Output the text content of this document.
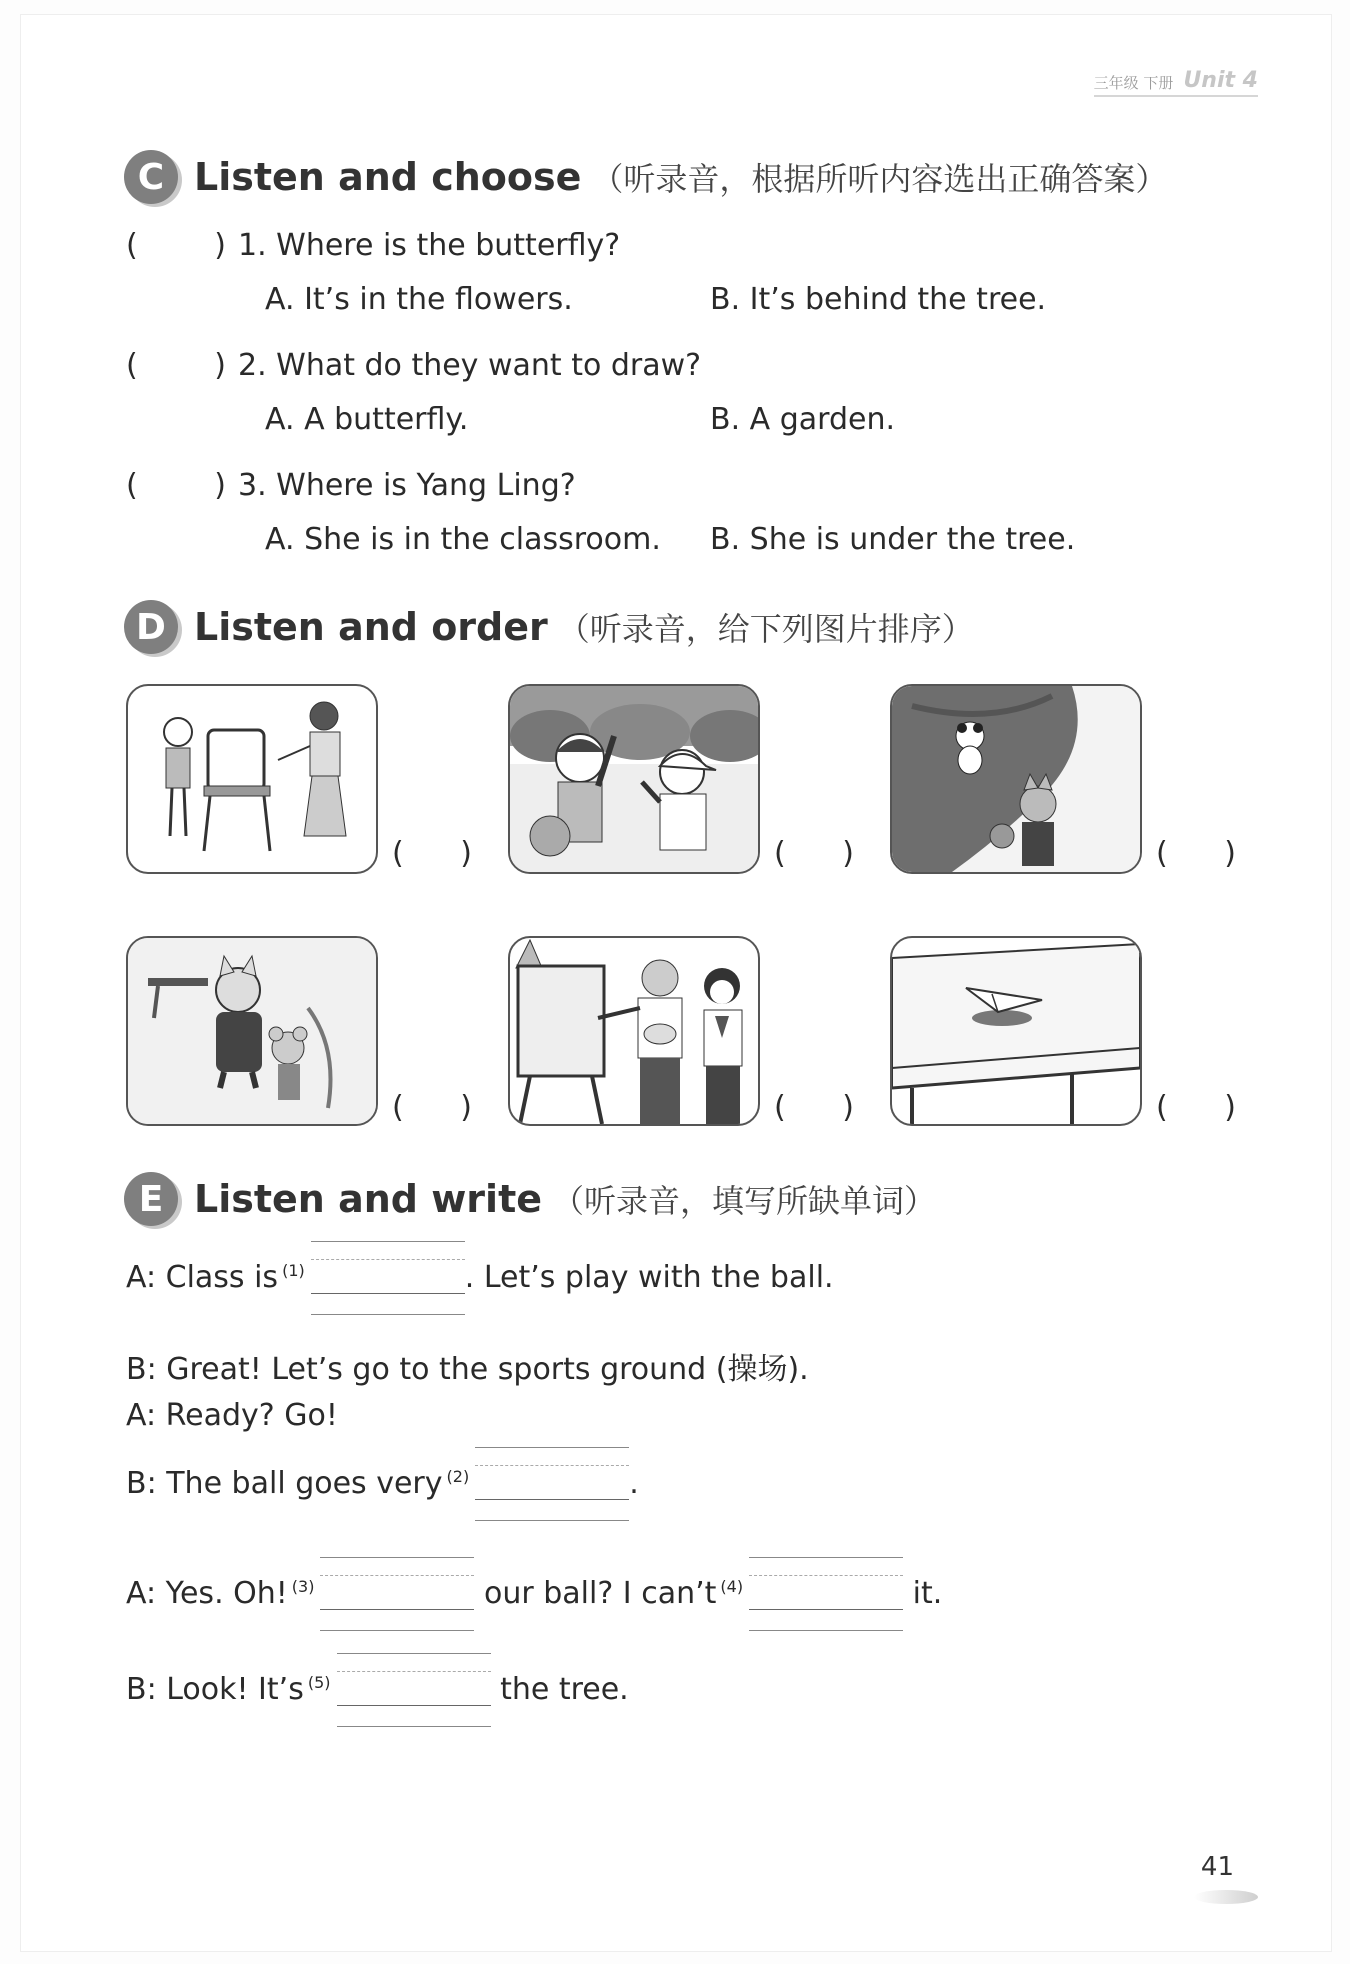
三年级 下册 Unit 4
C Listen and choose （听录音，根据所听内容选出正确答案）
(	) 1. Where is the butterfly?
A. It’s in the flowers.	B. It’s behind the tree.
(	) 2. What do they want to draw?
A. A butterfly.	B. A garden.
(	) 3. Where is Yang Ling?
A. She is in the classroom. B. She is under the tree.
D Listen and order （听录音，给下列图片排序）
( )	( )	( )
( )	( )	( )
E Listen and write （听录音，填写所缺单词）
A: Class is $^{(1)}$	. Let’s play with the ball.
B: Great! Let’s go to the sports ground (操场).
A: Ready? Go!
B: The ball goes very $^{(2)}$	.
A: Yes. Oh! $^{(3)}$	our ball? I can’t $^{(4)}$	it.
B: Look! It’s $^{(5)}$	the tree.
41
